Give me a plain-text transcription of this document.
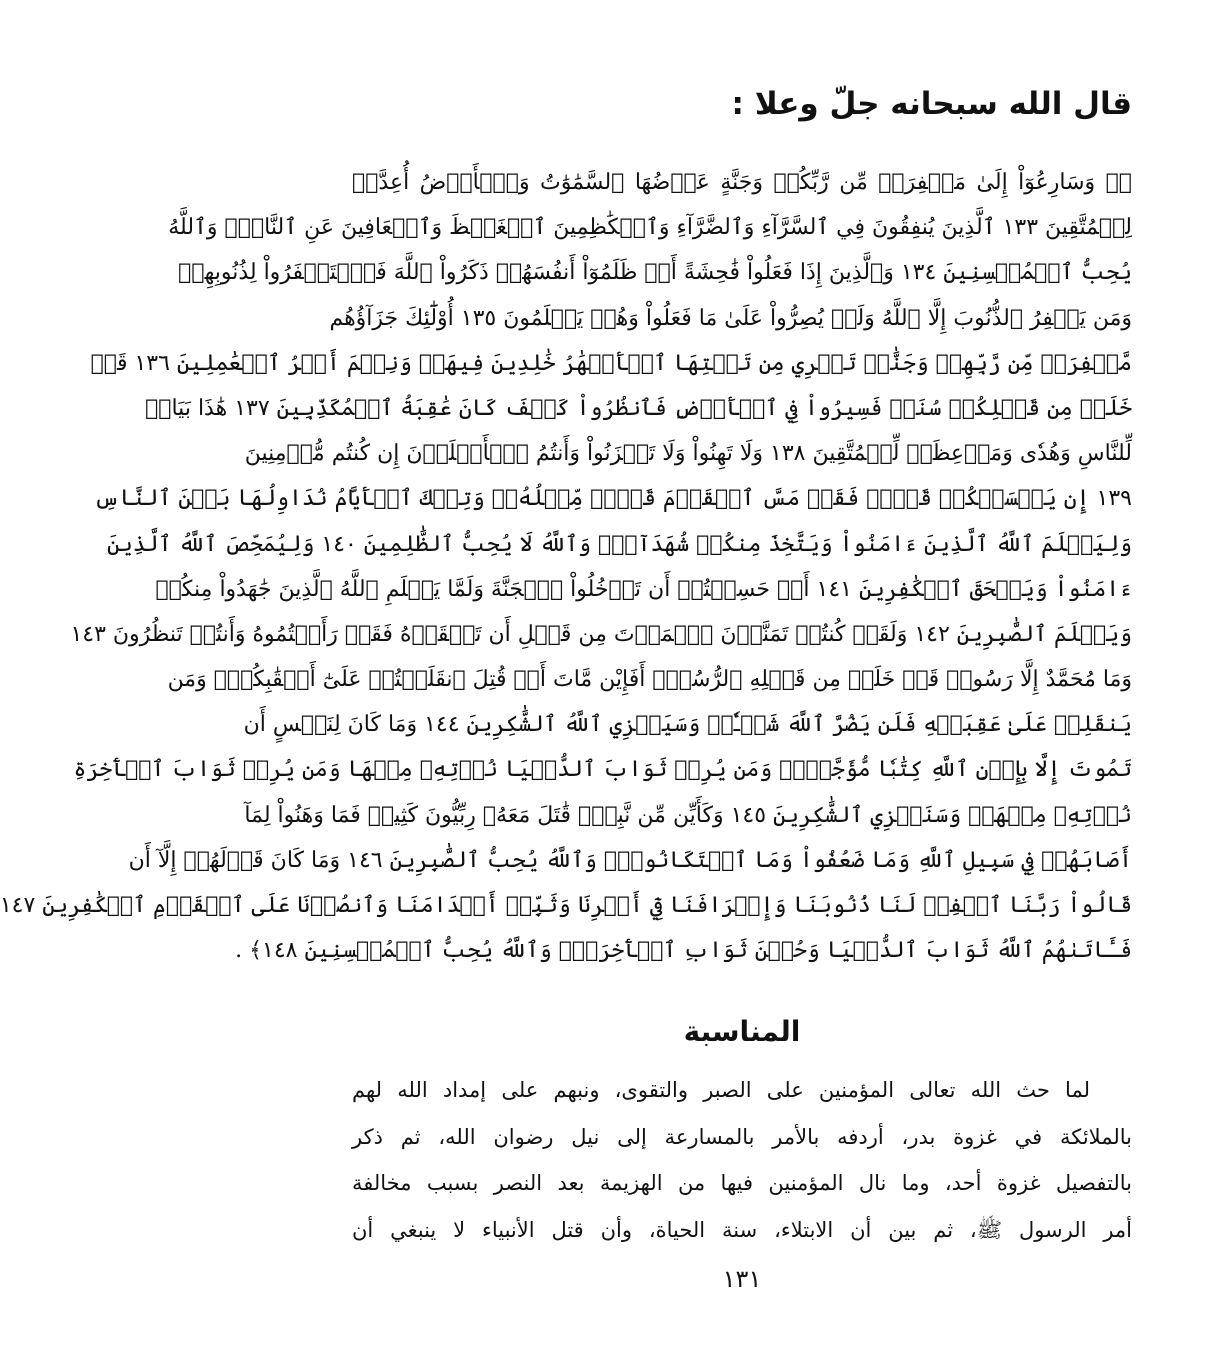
قال الله سبحانه جلّ وعلا :
﴿۞ وَسَارِعُوٓاْ إِلَىٰ مَغۡفِرَةٖ مِّن رَّبِّكُمۡ وَجَنَّةٍ عَرۡضُهَا ٱلسَّمَٰوَٰتُ وَٱلۡأَرۡضُ أُعِدَّتۡ
لِلۡمُتَّقِينَ ١٣٣ ٱلَّذِينَ يُنفِقُونَ فِي ٱلسَّرَّآءِ وَٱلضَّرَّآءِ وَٱلۡكَٰظِمِينَ ٱلۡغَيۡظَ وَٱلۡعَافِينَ عَنِ ٱلنَّاسِۗ وَٱللَّهُ
يُحِبُّ ٱلۡمُحۡسِنِينَ ١٣٤ وَٱلَّذِينَ إِذَا فَعَلُواْ فَٰحِشَةً أَوۡ ظَلَمُوٓاْ أَنفُسَهُمۡ ذَكَرُواْ ٱللَّهَ فَٱسۡتَغۡفَرُواْ لِذُنُوبِهِمۡ
وَمَن يَغۡفِرُ ٱلذُّنُوبَ إِلَّا ٱللَّهُ وَلَمۡ يُصِرُّواْ عَلَىٰ مَا فَعَلُواْ وَهُمۡ يَعۡلَمُونَ ١٣٥ أُوْلَٰٓئِكَ جَزَآؤُهُم
مَّغۡفِرَةٞ مِّن رَّبِّهِمۡ وَجَنَّٰتٞ تَجۡرِي مِن تَحۡتِهَا ٱلۡأَنۡهَٰرُ خَٰلِدِينَ فِيهَاۚ وَنِعۡمَ أَجۡرُ ٱلۡعَٰمِلِينَ ١٣٦ قَدۡ
خَلَتۡ مِن قَبۡلِكُمۡ سُنَنٞ فَسِيرُواْ فِي ٱلۡأَرۡضِ فَٱنظُرُواْ كَيۡفَ كَانَ عَٰقِبَةُ ٱلۡمُكَذِّبِينَ ١٣٧ هَٰذَا بَيَانٞ
لِّلنَّاسِ وَهُدٗى وَمَوۡعِظَةٞ لِّلۡمُتَّقِينَ ١٣٨ وَلَا تَهِنُواْ وَلَا تَحۡزَنُواْ وَأَنتُمُ ٱلۡأَعۡلَوۡنَ إِن كُنتُم مُّؤۡمِنِينَ
١٣٩ إِن يَمۡسَسۡكُمۡ قَرۡحٞ فَقَدۡ مَسَّ ٱلۡقَوۡمَ قَرۡحٞ مِّثۡلُهُۥۚ وَتِلۡكَ ٱلۡأَيَّامُ نُدَاوِلُهَا بَيۡنَ ٱلنَّاسِ
وَلِيَعۡلَمَ ٱللَّهُ ٱلَّذِينَ ءَامَنُواْ وَيَتَّخِذَ مِنكُمۡ شُهَدَآءَۗ وَٱللَّهُ لَا يُحِبُّ ٱلظَّٰلِمِينَ ١٤٠ وَلِيُمَحِّصَ ٱللَّهُ ٱلَّذِينَ
ءَامَنُواْ وَيَمۡحَقَ ٱلۡكَٰفِرِينَ ١٤١ أَمۡ حَسِبۡتُمۡ أَن تَدۡخُلُواْ ٱلۡجَنَّةَ وَلَمَّا يَعۡلَمِ ٱللَّهُ ٱلَّذِينَ جَٰهَدُواْ مِنكُمۡ
وَيَعۡلَمَ ٱلصَّٰبِرِينَ ١٤٢ وَلَقَدۡ كُنتُمۡ تَمَنَّوۡنَ ٱلۡمَوۡتَ مِن قَبۡلِ أَن تَلۡقَوۡهُ فَقَدۡ رَأَيۡتُمُوهُ وَأَنتُمۡ تَنظُرُونَ ١٤٣
وَمَا مُحَمَّدٌ إِلَّا رَسُولٞ قَدۡ خَلَتۡ مِن قَبۡلِهِ ٱلرُّسُلُۚ أَفَإِيْن مَّاتَ أَوۡ قُتِلَ ٱنقَلَبۡتُمۡ عَلَىٰٓ أَعۡقَٰبِكُمۡۚ وَمَن
يَنقَلِبۡ عَلَىٰ عَقِبَيۡهِ فَلَن يَضُرَّ ٱللَّهَ شَيۡـٔٗاۗ وَسَيَجۡزِي ٱللَّهُ ٱلشَّٰكِرِينَ ١٤٤ وَمَا كَانَ لِنَفۡسٍ أَن
تَمُوتَ إِلَّا بِإِذۡنِ ٱللَّهِ كِتَٰبٗا مُّؤَجَّلٗاۗ وَمَن يُرِدۡ ثَوَابَ ٱلدُّنۡيَا نُؤۡتِهِۦ مِنۡهَا وَمَن يُرِدۡ ثَوَابَ ٱلۡأٓخِرَةِ
نُؤۡتِهِۦ مِنۡهَاۚ وَسَنَجۡزِي ٱلشَّٰكِرِينَ ١٤٥ وَكَأَيِّن مِّن نَّبِيّٖ قَٰتَلَ مَعَهُۥ رِبِّيُّونَ كَثِيرٞ فَمَا وَهَنُواْ لِمَآ
أَصَابَهُمۡ فِي سَبِيلِ ٱللَّهِ وَمَا ضَعُفُواْ وَمَا ٱسۡتَكَانُواْۗ وَٱللَّهُ يُحِبُّ ٱلصَّٰبِرِينَ ١٤٦ وَمَا كَانَ قَوۡلَهُمۡ إِلَّآ أَن
قَالُواْ رَبَّنَا ٱغۡفِرۡ لَنَا ذُنُوبَنَا وَإِسۡرَافَنَا فِيٓ أَمۡرِنَا وَثَبِّتۡ أَقۡدَامَنَا وَٱنصُرۡنَا عَلَى ٱلۡقَوۡمِ ٱلۡكَٰفِرِينَ ١٤٧
فَـَٔاتَىٰهُمُ ٱللَّهُ ثَوَابَ ٱلدُّنۡيَا وَحُسۡنَ ثَوَابِ ٱلۡأٓخِرَةِۗ وَٱللَّهُ يُحِبُّ ٱلۡمُحۡسِنِينَ ١٤٨﴾ .
المناسبة
لما حث الله تعالى المؤمنين على الصبر والتقوى، ونبهم على إمداد الله لهم
بالملائكة في غزوة بدر، أردفه بالأمر بالمسارعة إلى نيل رضوان الله، ثم ذكر
بالتفصيل غزوة أحد، وما نال المؤمنين فيها من الهزيمة بعد النصر بسبب مخالفة
أمر الرسول ﷺ، ثم بين أن الابتلاء، سنة الحياة، وأن قتل الأنبياء لا ينبغي أن
١٣١
